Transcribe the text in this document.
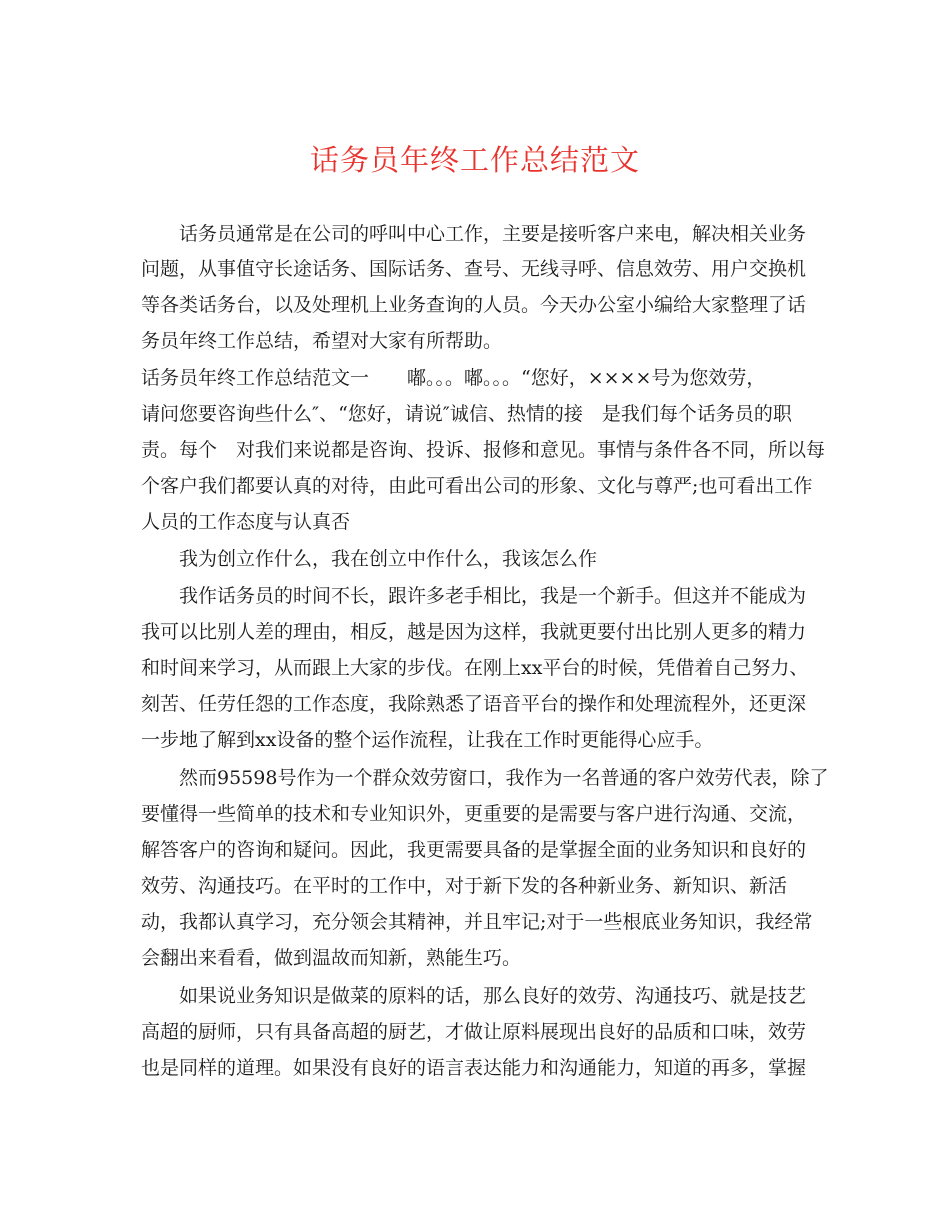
话务员年终工作总结范文
　　话务员通常是在公司的呼叫中心工作，主要是接听客户来电，解决相关业务
问题，从事值守长途话务、国际话务、查号、无线寻呼、信息效劳、用户交换机
等各类话务台，以及处理机上业务查询的人员。今天办公室小编给大家整理了话
务员年终工作总结，希望对大家有所帮助。
话务员年终工作总结范文一　　嘟。。。嘟。。。“您好，××××号为您效劳，
请问您要咨询些什么″、“您好，请说″诚信、热情的接　是我们每个话务员的职
责。每个　对我们来说都是咨询、投诉、报修和意见。事情与条件各不同，所以每
个客户我们都要认真的对待，由此可看出公司的形象、文化与尊严;也可看出工作
人员的工作态度与认真否
　　我为创立作什么，我在创立中作什么，我该怎么作
　　我作话务员的时间不长，跟许多老手相比，我是一个新手。但这并不能成为
我可以比别人差的理由，相反，越是因为这样，我就更要付出比别人更多的精力
和时间来学习，从而跟上大家的步伐。在刚上xx平台的时候，凭借着自己努力、
刻苦、任劳任怨的工作态度，我除熟悉了语音平台的操作和处理流程外，还更深
一步地了解到xx设备的整个运作流程，让我在工作时更能得心应手。
　　然而95598号作为一个群众效劳窗口，我作为一名普通的客户效劳代表，除了
要懂得一些简单的技术和专业知识外，更重要的是需要与客户进行沟通、交流，
解答客户的咨询和疑问。因此，我更需要具备的是掌握全面的业务知识和良好的
效劳、沟通技巧。在平时的工作中，对于新下发的各种新业务、新知识、新活
动，我都认真学习，充分领会其精神，并且牢记;对于一些根底业务知识，我经常
会翻出来看看，做到温故而知新，熟能生巧。
　　如果说业务知识是做菜的原料的话，那么良好的效劳、沟通技巧、就是技艺
高超的厨师，只有具备高超的厨艺，才做让原料展现出良好的品质和口味，效劳
也是同样的道理。如果没有良好的语言表达能力和沟通能力，知道的再多，掌握
